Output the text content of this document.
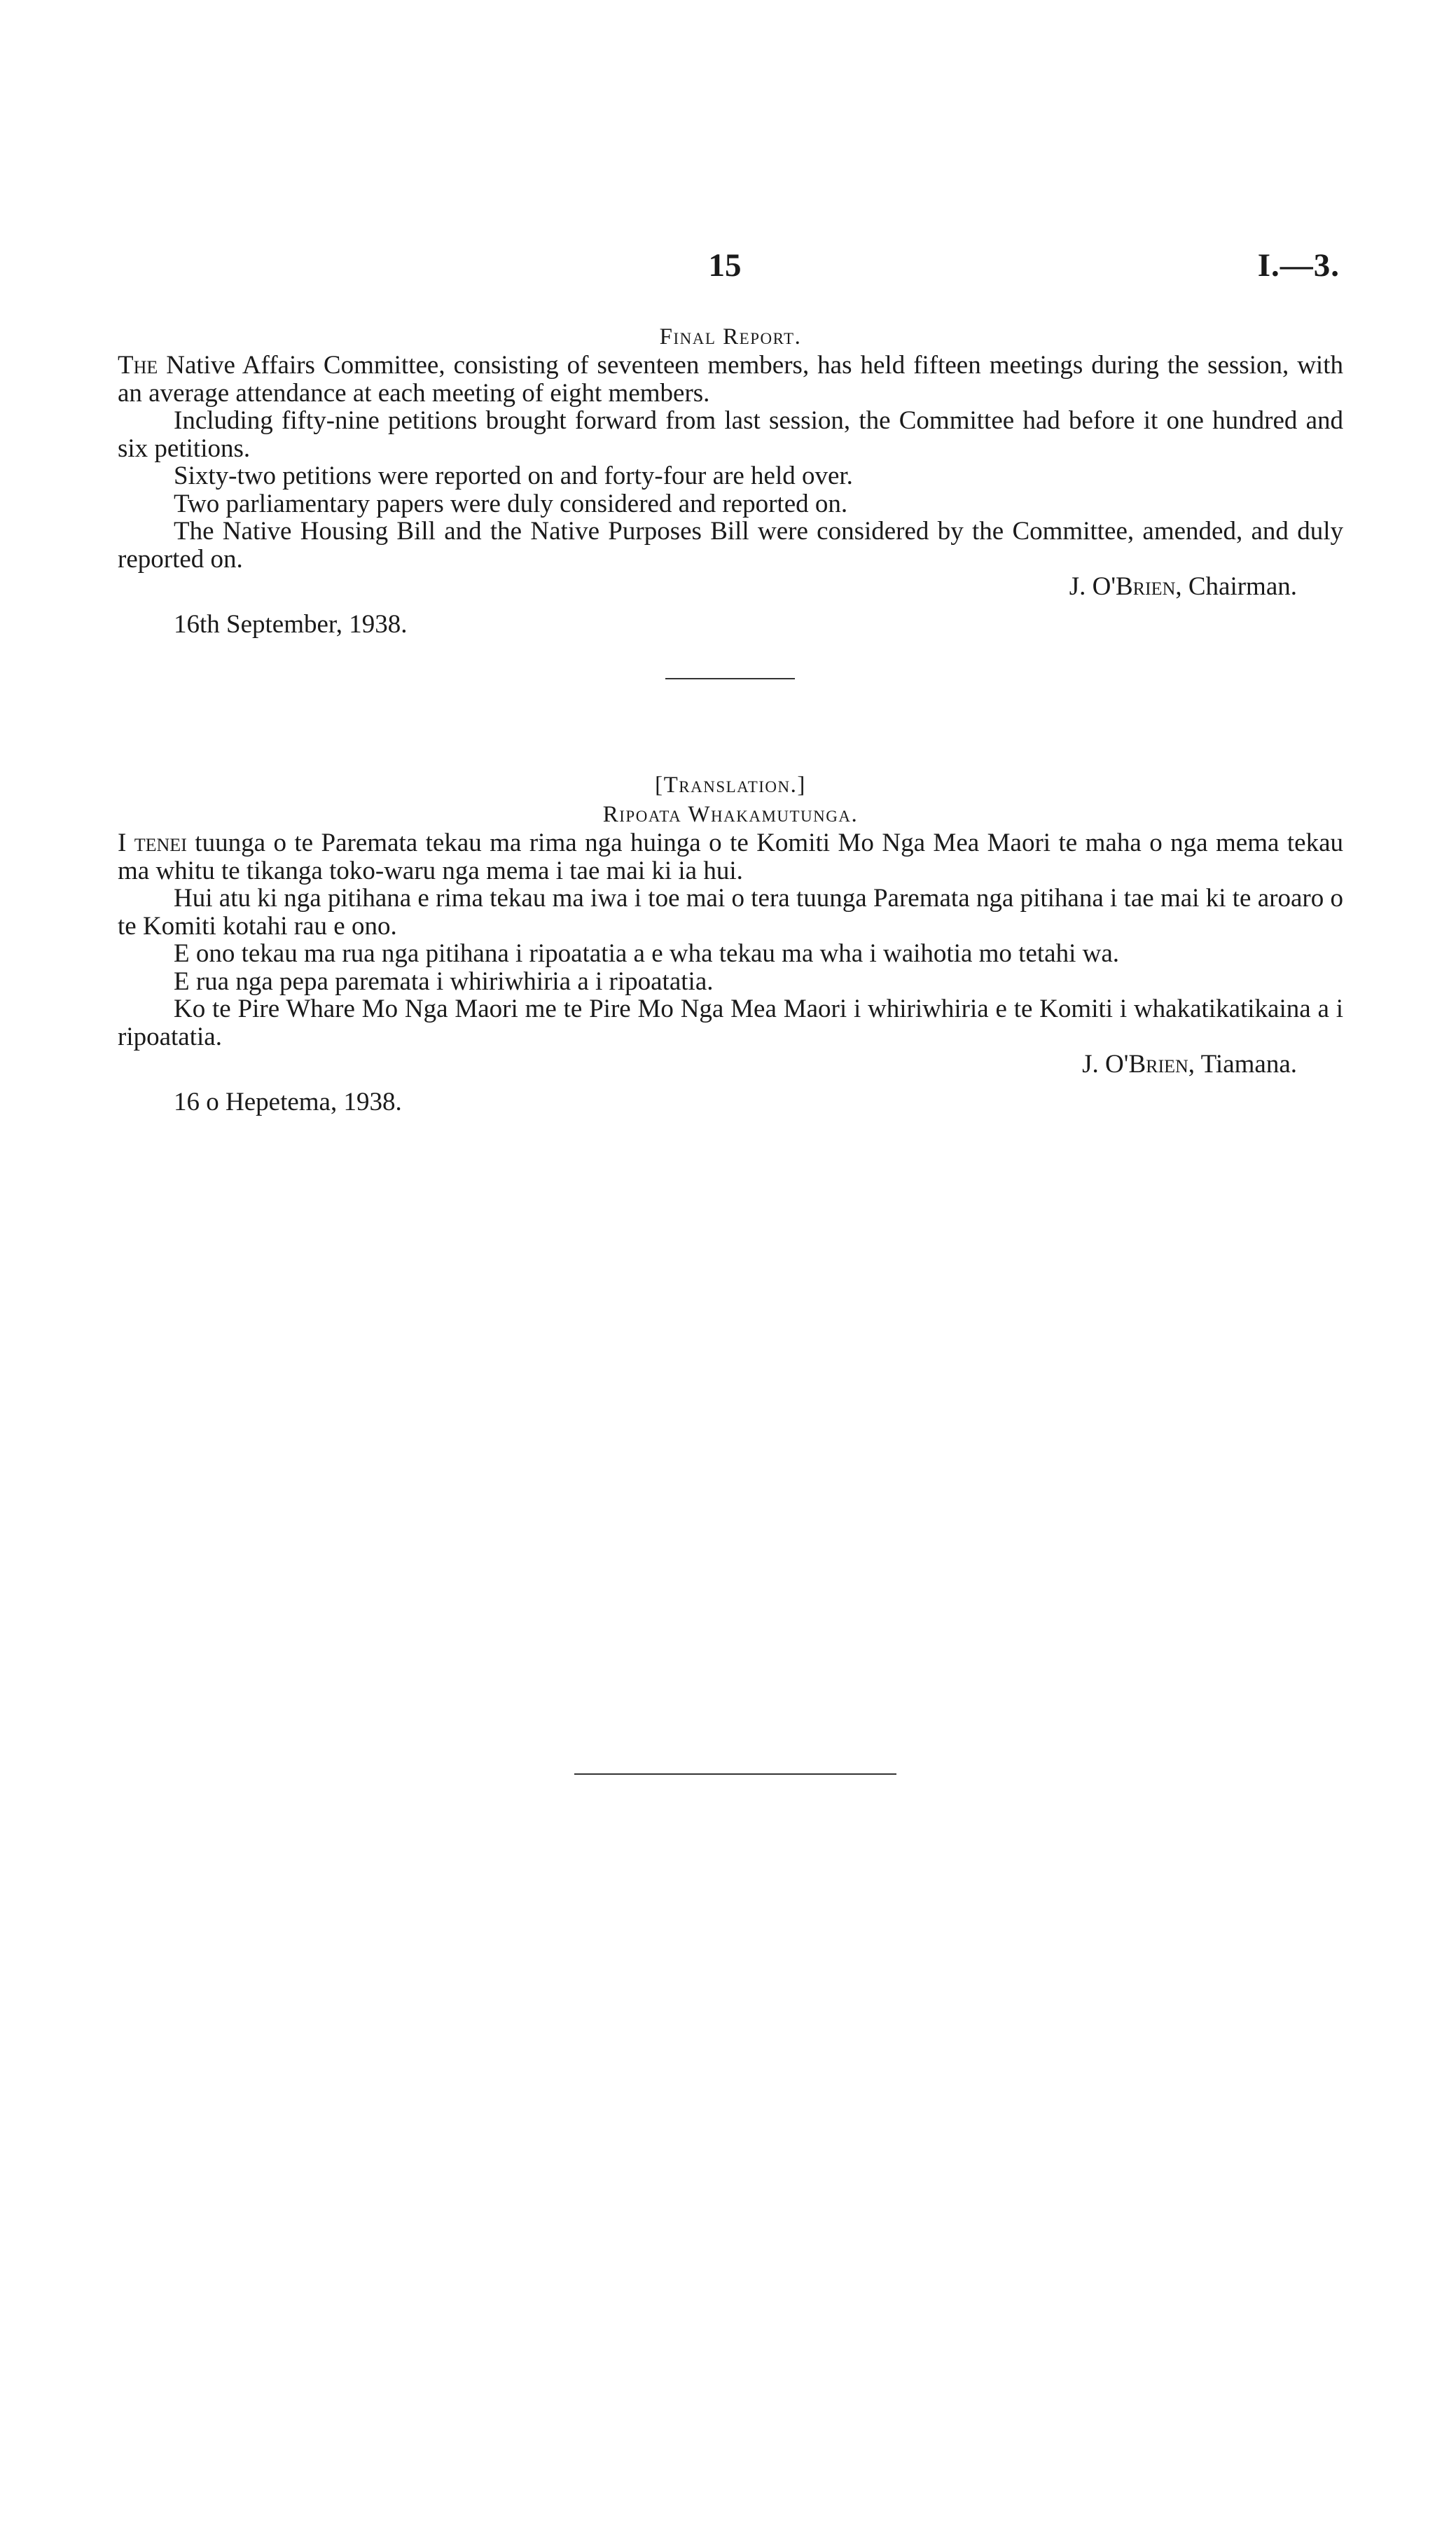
15	I.—3.
Final Report.

The Native Affairs Committee, consisting of seventeen members, has held fifteen meetings during the session, with an average attendance at each meeting of eight members.

Including fifty-nine petitions brought forward from last session, the Committee had before it one hundred and six petitions.

Sixty-two petitions were reported on and forty-four are held over.

Two parliamentary papers were duly considered and reported on.

The Native Housing Bill and the Native Purposes Bill were considered by the Committee, amended, and duly reported on.

J. O'Brien, Chairman.
16th September, 1938.
[Translation.]
Ripoata Whakamutunga.

I tenei tuunga o te Paremata tekau ma rima nga huinga o te Komiti Mo Nga Mea Maori te maha o nga mema tekau ma whitu te tikanga toko-waru nga mema i tae mai ki ia hui.

Hui atu ki nga pitihana e rima tekau ma iwa i toe mai o tera tuunga Paremata nga pitihana i tae mai ki te aroaro o te Komiti kotahi rau e ono.

E ono tekau ma rua nga pitihana i ripoatatia a e wha tekau ma wha i waihotia mo tetahi wa.

E rua nga pepa paremata i whiriwhiria a i ripoatatia.

Ko te Pire Whare Mo Nga Maori me te Pire Mo Nga Mea Maori i whiriwhiria e te Komiti i whakatikatikaina a i ripoatatia.

J. O'Brien, Tiamana.
16 o Hepetema, 1938.
